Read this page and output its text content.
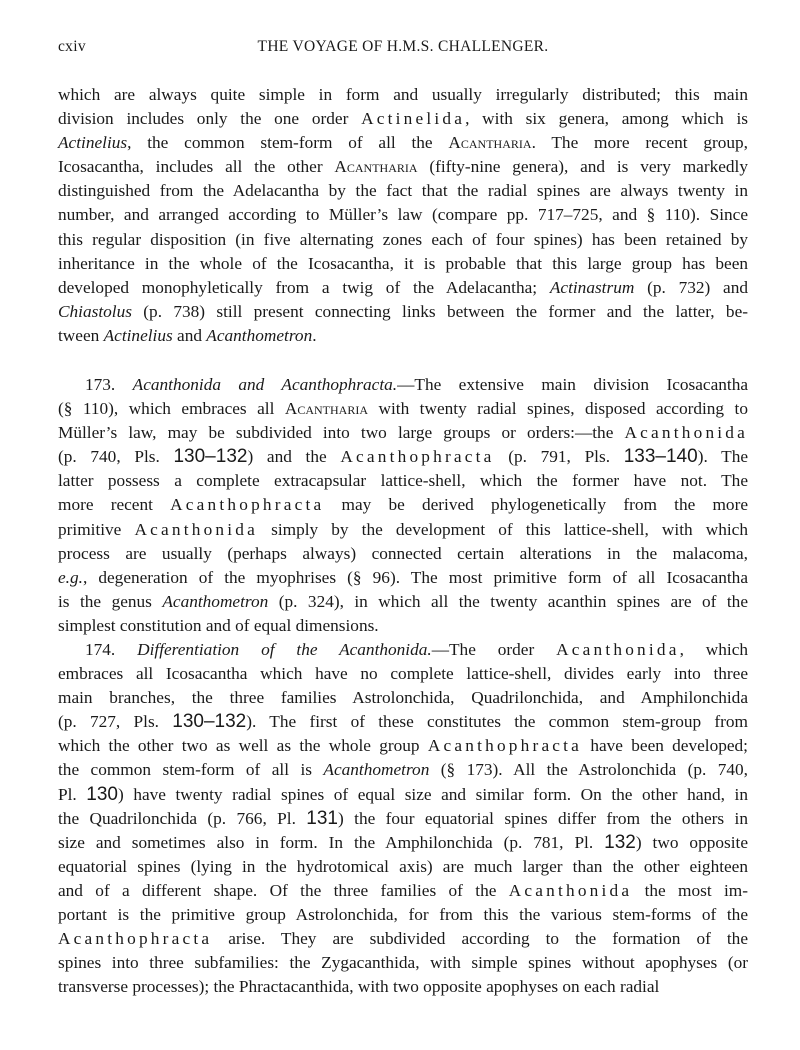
cxiv	THE VOYAGE OF H.M.S. CHALLENGER.
which are always quite simple in form and usually irregularly distributed; this main
division includes only the one order Actinelida, with six genera, among which is
Actinelius, the common stem-form of all the Acantharia. The more recent group,
Icosacantha, includes all the other Acantharia (fifty-nine genera), and is very markedly
distinguished from the Adelacantha by the fact that the radial spines are always twenty in
number, and arranged according to Müller’s law (compare pp. 717–725, and § 110). Since
this regular disposition (in five alternating zones each of four spines) has been retained by
inheritance in the whole of the Icosacantha, it is probable that this large group has been
developed monophyletically from a twig of the Adelacantha; Actinastrum (p. 732) and
Chiastolus (p. 738) still present connecting links between the former and the latter, be-
tween Actinelius and Acanthometron.
173. Acanthonida and Acanthophracta.—The extensive main division Icosacantha
(§ 110), which embraces all Acantharia with twenty radial spines, disposed according to
Müller’s law, may be subdivided into two large groups or orders:—the Acanthonida
(p. 740, Pls. 130–132) and the Acanthophracta (p. 791, Pls. 133–140). The
latter possess a complete extracapsular lattice-shell, which the former have not. The
more recent Acanthophracta may be derived phylogenetically from the more
primitive Acanthonida simply by the development of this lattice-shell, with which
process are usually (perhaps always) connected certain alterations in the malacoma,
e.g., degeneration of the myophrises (§ 96). The most primitive form of all Icosacantha
is the genus Acanthometron (p. 324), in which all the twenty acanthin spines are of the
simplest constitution and of equal dimensions.
174. Differentiation of the Acanthonida.—The order Acanthonida, which
embraces all Icosacantha which have no complete lattice-shell, divides early into three
main branches, the three families Astrolonchida, Quadrilonchida, and Amphilonchida
(p. 727, Pls. 130–132). The first of these constitutes the common stem-group from
which the other two as well as the whole group Acanthophracta have been developed;
the common stem-form of all is Acanthometron (§ 173). All the Astrolonchida (p. 740,
Pl. 130) have twenty radial spines of equal size and similar form. On the other hand, in
the Quadrilonchida (p. 766, Pl. 131) the four equatorial spines differ from the others in
size and sometimes also in form. In the Amphilonchida (p. 781, Pl. 132) two opposite
equatorial spines (lying in the hydrotomical axis) are much larger than the other eighteen
and of a different shape. Of the three families of the Acanthonida the most im-
portant is the primitive group Astrolonchida, for from this the various stem-forms of the
Acanthophracta arise. They are subdivided according to the formation of the
spines into three subfamilies: the Zygacanthida, with simple spines without apophyses (or
transverse processes); the Phractacanthida, with two opposite apophyses on each radial
